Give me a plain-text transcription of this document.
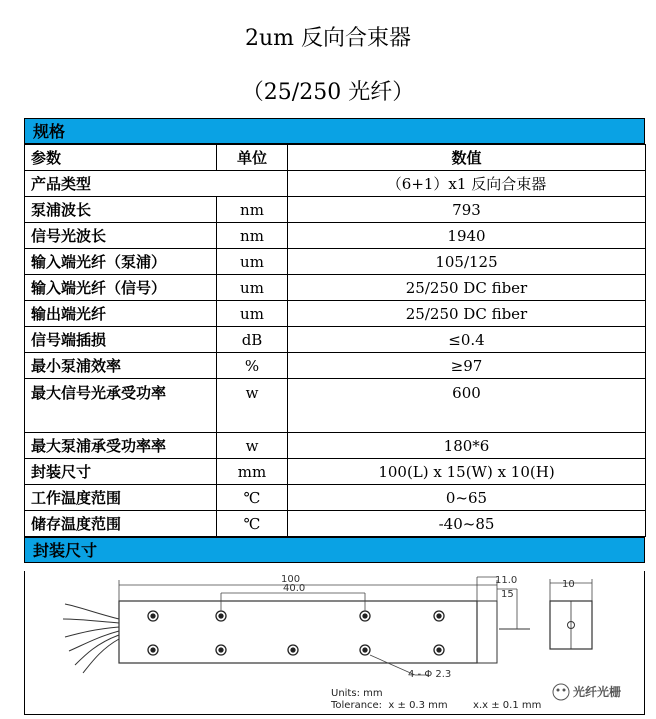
2um 反向合束器
（25/250 光纤）
规格
参数	单位	数值
产品类型		（6+1）x1 反向合束器
泵浦波长	nm	793
信号光波长	nm	1940
输入端光纤（泵浦）	um	105/125
输入端光纤（信号）	um	25/250 DC fiber
输出端光纤	um	25/250 DC fiber
信号端插损	dB	≤0.4
最小泵浦效率	%	≥97
最大信号光承受功率	w	600
最大泵浦承受功率率	w	180*6
封装尺寸	mm	100(L) x 15(W) x 10(H)
工作温度范围	℃	0~65
储存温度范围	℃	-40~85
封装尺寸
100
40.0
11.0
15
10
4 - Φ 2.3
Units: mm
Tolerance:  x ± 0.3 mm        x.x ± 0.1 mm
光纤光栅
